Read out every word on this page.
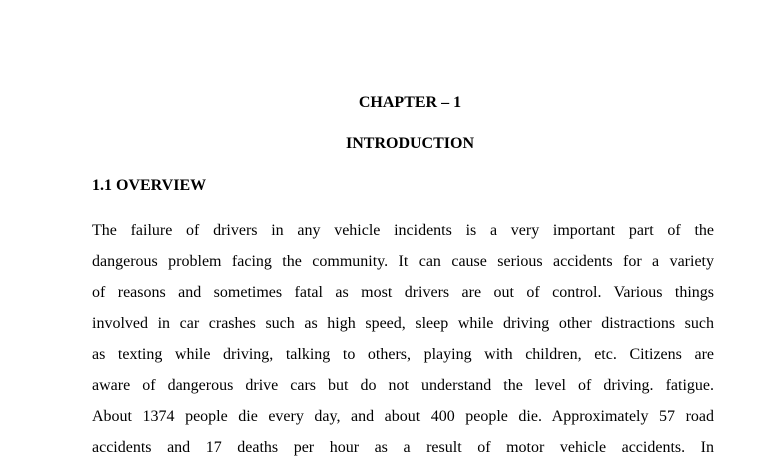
CHAPTER – 1
INTRODUCTION
1.1 OVERVIEW
The failure of drivers in any vehicle incidents is a very important part of the
dangerous problem facing the community. It can cause serious accidents for a variety
of reasons and sometimes fatal as most drivers are out of control. Various things
involved in car crashes such as high speed, sleep while driving other distractions such
as texting while driving, talking to others, playing with children, etc. Citizens are
aware of dangerous drive cars but do not understand the level of driving. fatigue.
About 1374 people die every day, and about 400 people die. Approximately 57 road
accidents and 17 deaths per hour as a result of motor vehicle accidents. In
